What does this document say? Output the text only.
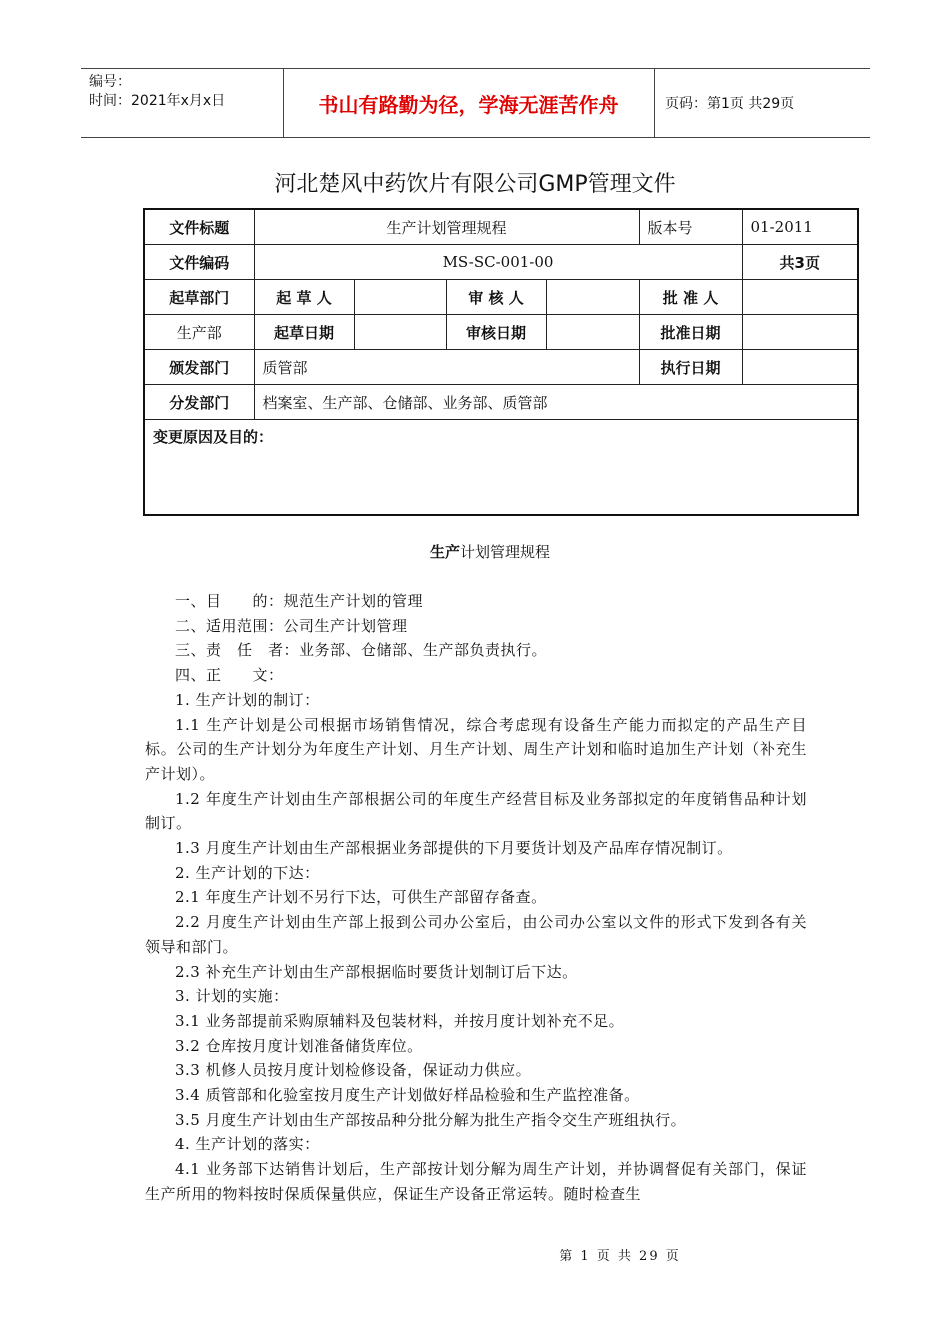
编号：
时间：2021年x月x日	书山有路勤为径，学海无涯苦作舟	页码：第1页 共29页
河北楚风中药饮片有限公司GMP管理文件
文件标题	生产计划管理规程				版本号	01-2011
文件编码	MS-SC-001-00					共3页
起草部门	起 草 人		审 核 人		批 准 人	
生产部	起草日期		审核日期		批准日期	
颁发部门	质管部				执行日期	
分发部门	档案室、生产部、仓储部、业务部、质管部					
变更原因及目的：						
生产计划管理规程

一、目　　的：规范生产计划的管理

二、适用范围：公司生产计划管理

三、责　任　者：业务部、仓储部、生产部负责执行。

四、正　　文：

1. 生产计划的制订：

1.1 生产计划是公司根据市场销售情况，综合考虑现有设备生产能力而拟定的产品生产目标。公司的生产计划分为年度生产计划、月生产计划、周生产计划和临时追加生产计划（补充生产计划）。

1.2 年度生产计划由生产部根据公司的年度生产经营目标及业务部拟定的年度销售品种计划制订。

1.3 月度生产计划由生产部根据业务部提供的下月要货计划及产品库存情况制订。

2. 生产计划的下达：

2.1 年度生产计划不另行下达，可供生产部留存备查。

2.2 月度生产计划由生产部上报到公司办公室后，由公司办公室以文件的形式下发到各有关领导和部门。

2.3 补充生产计划由生产部根据临时要货计划制订后下达。

3. 计划的实施：

3.1 业务部提前采购原辅料及包装材料，并按月度计划补充不足。

3.2 仓库按月度计划准备储货库位。

3.3 机修人员按月度计划检修设备，保证动力供应。

3.4 质管部和化验室按月度生产计划做好样品检验和生产监控准备。

3.5 月度生产计划由生产部按品种分批分解为批生产指令交生产班组执行。

4. 生产计划的落实：

4.1 业务部下达销售计划后，生产部按计划分解为周生产计划，并协调督促有关部门，保证生产所用的物料按时保质保量供应，保证生产设备正常运转。随时检查生

第 1 页 共 29 页
